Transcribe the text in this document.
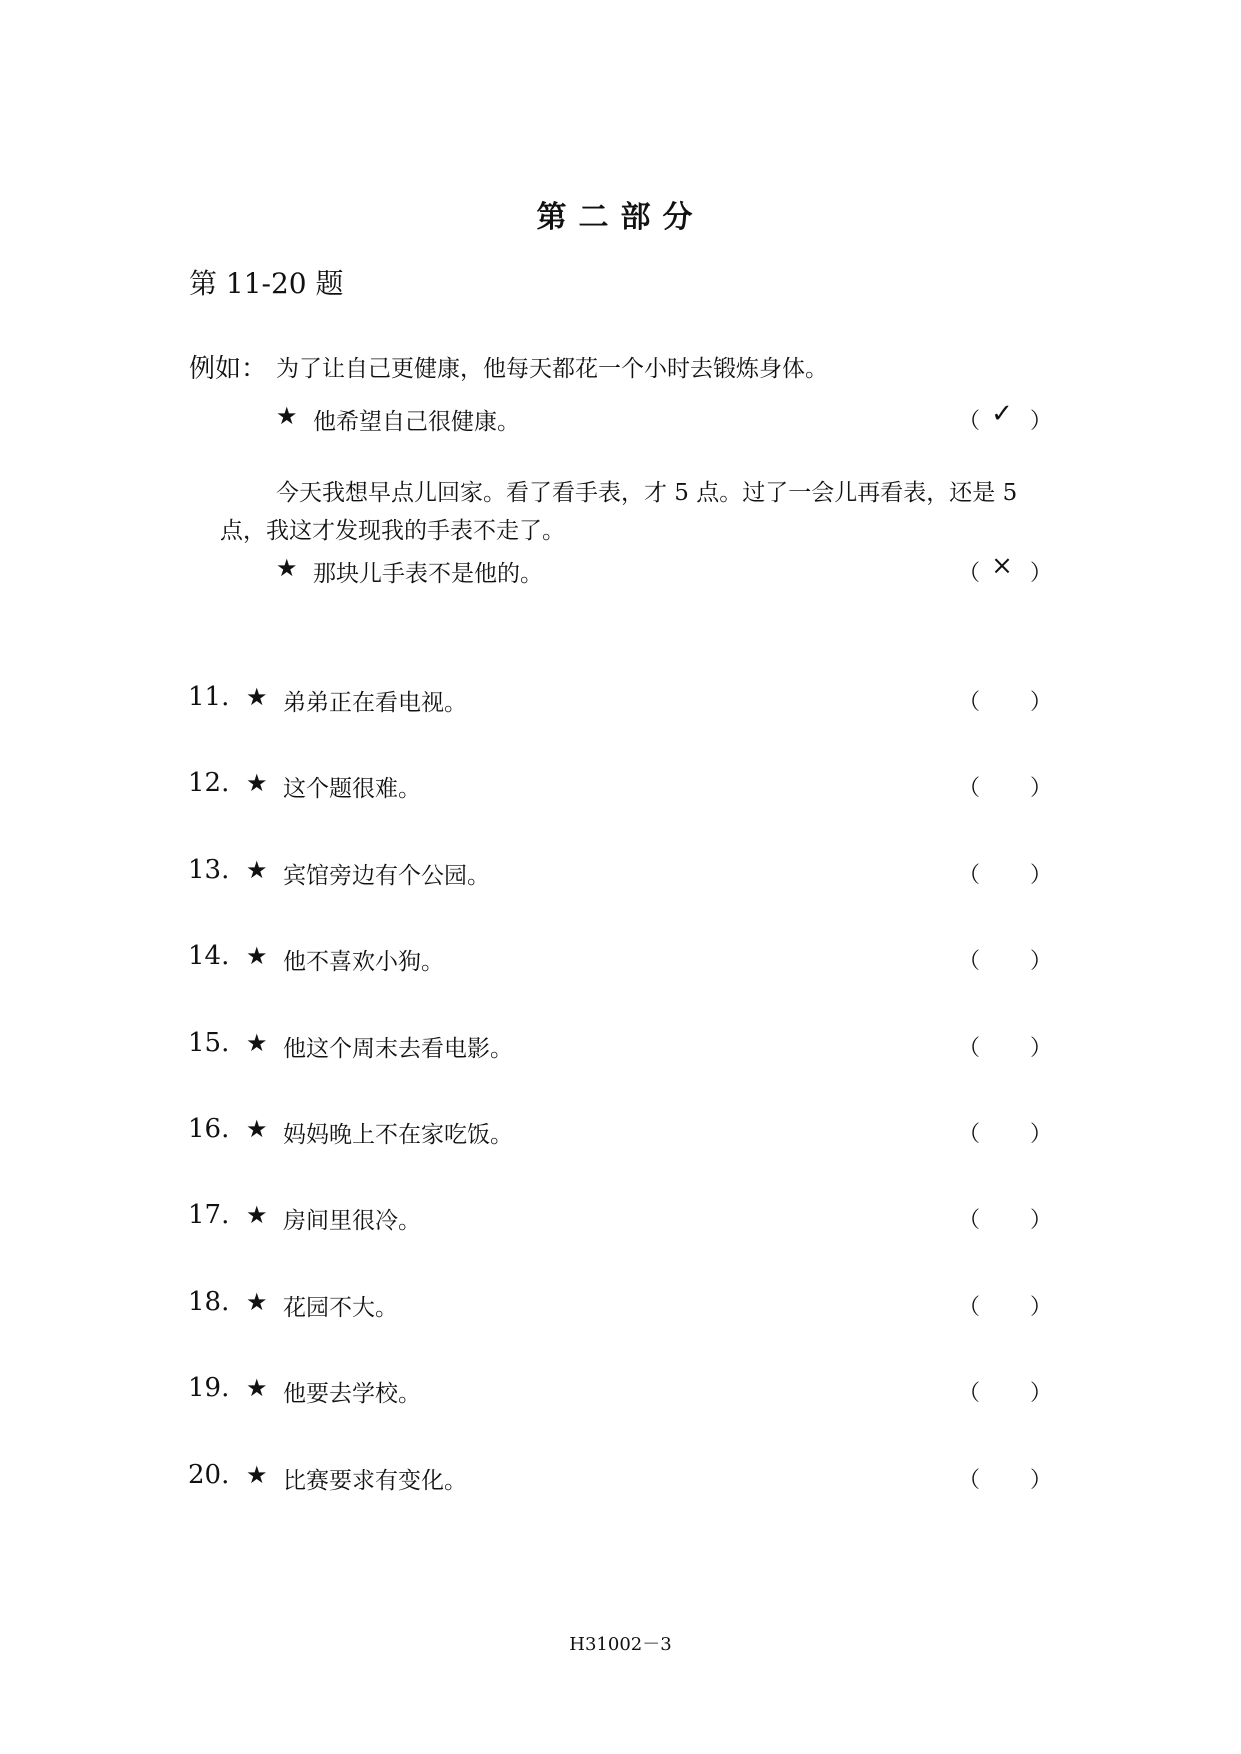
第二部分
第 11-20 题
例如： 为了让自己更健康，他每天都花一个小时去锻炼身体。
★ 他希望自己很健康。	（ ✓ ）
今天我想早点儿回家。看了看手表，才 5 点。过了一会儿再看表，还是 5 点，我这才发现我的手表不走了。
★ 那块儿手表不是他的。	（ × ）
11. ★ 弟弟正在看电视。	（ ）
12. ★ 这个题很难。	（ ）
13. ★ 宾馆旁边有个公园。	（ ）
14. ★ 他不喜欢小狗。	（ ）
15. ★ 他这个周末去看电影。	（ ）
16. ★ 妈妈晚上不在家吃饭。	（ ）
17. ★ 房间里很冷。	（ ）
18. ★ 花园不大。	（ ）
19. ★ 他要去学校。	（ ）
20. ★ 比赛要求有变化。	（ ）
H31002－3
